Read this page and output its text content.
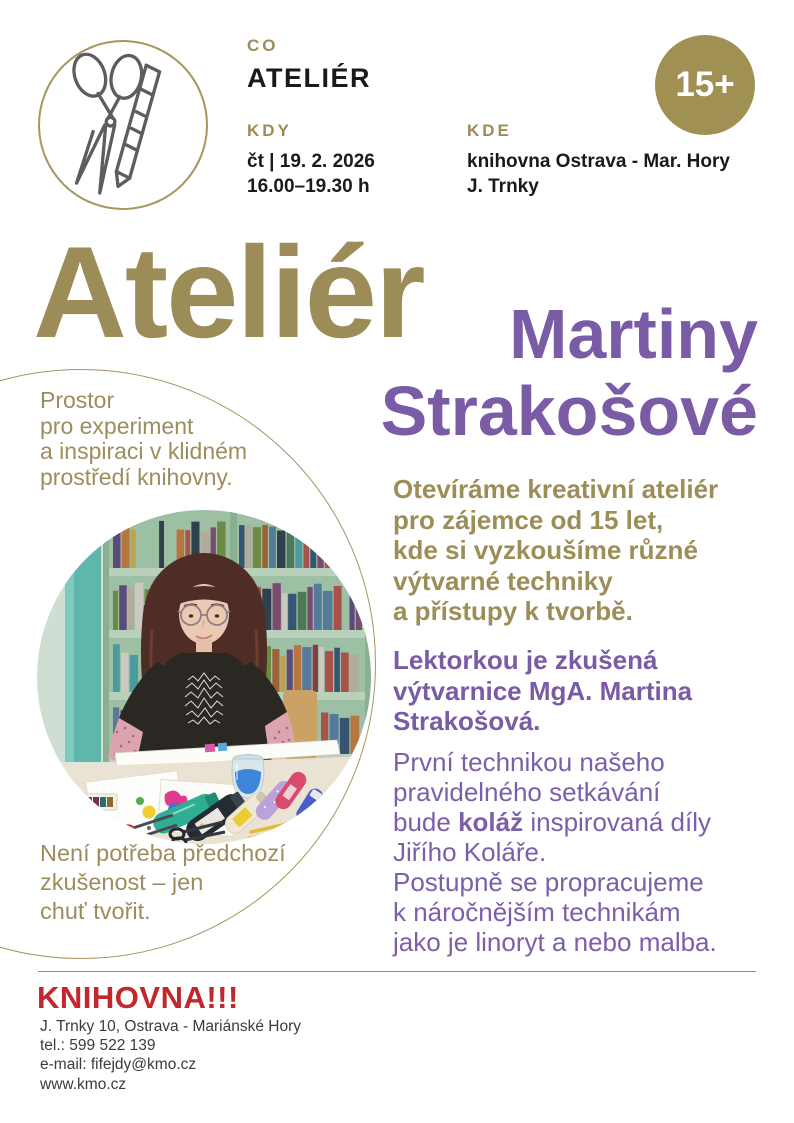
CO
ATELIÉR
KDY
čt | 19. 2. 2026
16.00–19.30 h
KDE
knihovna Ostrava - Mar. Hory
J. Trnky
15+
Ateliér	Martiny
Strakošové
Prostor
pro experiment
a inspiraci v klidném
prostředí knihovny.
Není potřeba předchozí
zkušenost – jen
chuť tvořit.
Otevíráme kreativní ateliér
pro zájemce od 15 let,
kde si vyzkoušíme různé
výtvarné techniky
a přístupy k tvorbě.
Lektorkou je zkušená
výtvarnice MgA. Martina
Strakošová.
První technikou našeho
pravidelného setkávání
bude koláž inspirovaná díly
Jiřího Koláře.
Postupně se propracujeme
k náročnějším technikám
jako je linoryt a nebo malba.
KNIHOVNA!!!
J. Trnky 10, Ostrava - Mariánské Hory
tel.: 599 522 139
e-mail: fifejdy@kmo.cz
www.kmo.cz
